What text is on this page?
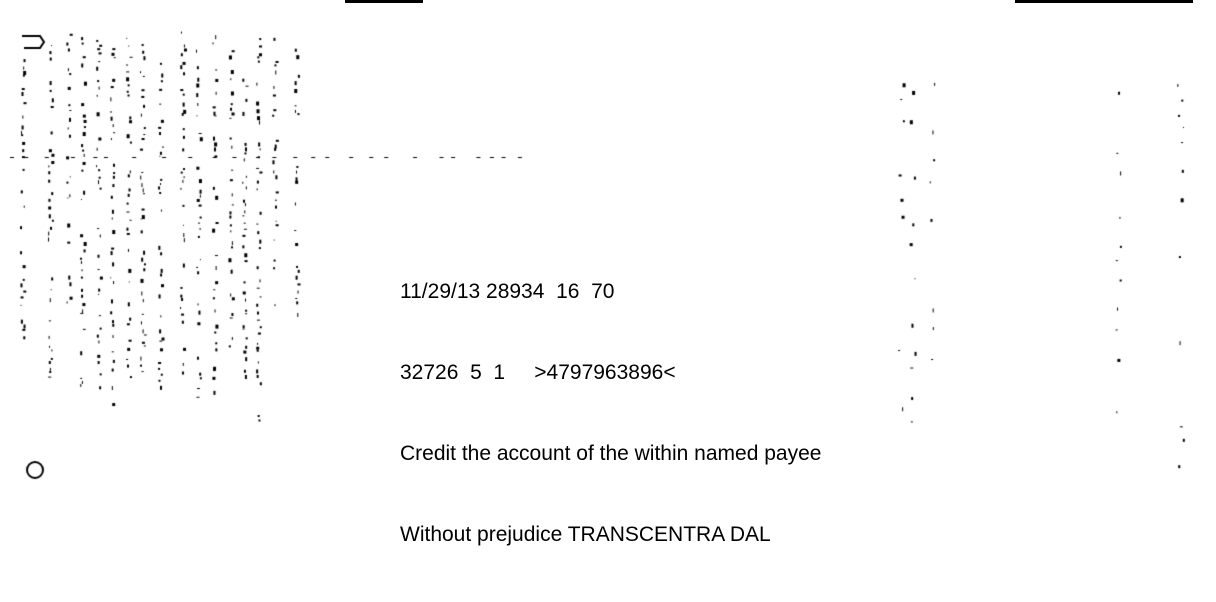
11/29/13 28934  16  70

32726  5  1     >4797963896<

Credit the account of the within named payee

Without prejudice TRANSCENTRA DAL
